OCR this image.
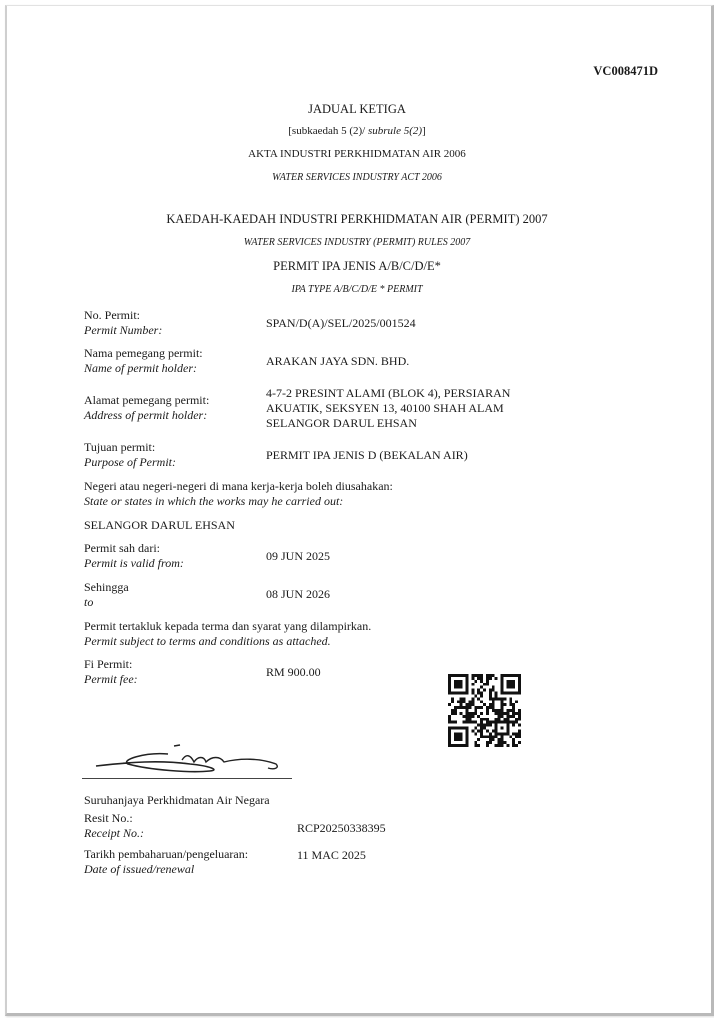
VC008471D
JADUAL KETIGA
[subkaedah 5 (2)/ subrule 5(2)]
AKTA INDUSTRI PERKHIDMATAN AIR 2006
WATER SERVICES INDUSTRY ACT 2006
KAEDAH-KAEDAH INDUSTRI PERKHIDMATAN AIR (PERMIT) 2007
WATER SERVICES INDUSTRY (PERMIT) RULES 2007
PERMIT IPA JENIS A/B/C/D/E*
IPA TYPE A/B/C/D/E * PERMIT
No. Permit:
Permit Number:	SPAN/D(A)/SEL/2025/001524
Nama pemegang permit:
Name of permit holder:	ARAKAN JAYA SDN. BHD.
Alamat pemegang permit:
Address of permit holder:
4-7-2 PRESINT ALAMI (BLOK 4), PERSIARAN
AKUATIK, SEKSYEN 13, 40100 SHAH ALAM
SELANGOR DARUL EHSAN
Tujuan permit:
Purpose of Permit:	PERMIT IPA JENIS D (BEKALAN AIR)
Negeri atau negeri-negeri di mana kerja-kerja boleh diusahakan:
State or states in which the works may he carried out:
SELANGOR DARUL EHSAN
Permit sah dari:
Permit is valid from:	09 JUN 2025
Sehingga
to
08 JUN 2026
Permit tertakluk kepada terma dan syarat yang dilampirkan.
Permit subject to terms and conditions as attached.
Fi Permit:
Permit fee:	RM 900.00
Suruhanjaya Perkhidmatan Air Negara
Resit No.:
Receipt No.:	RCP20250338395
Tarikh pembaharuan/pengeluaran:
Date of issued/renewal
11 MAC 2025
